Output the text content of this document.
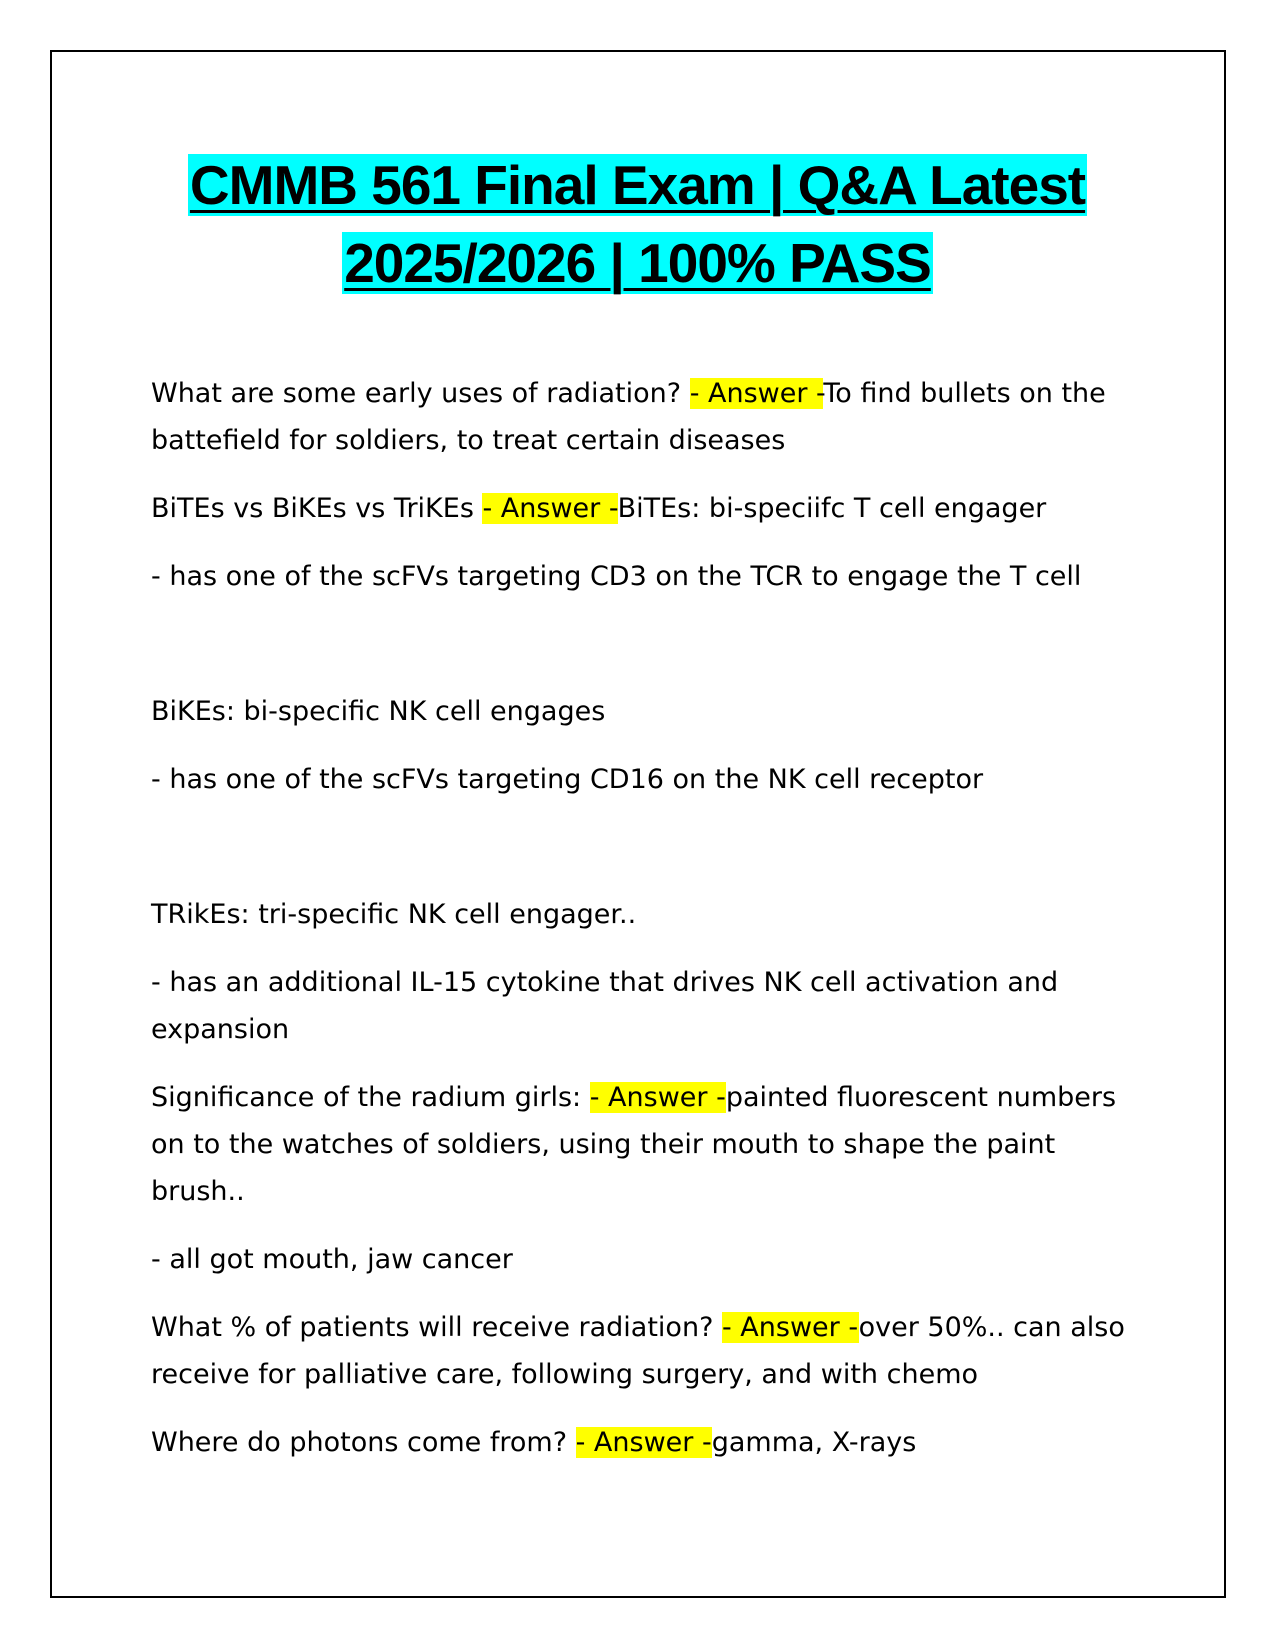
CMMB 561 Final Exam | Q&A Latest
2025/2026 | 100% PASS

What are some early uses of radiation? - Answer -To find bullets on the battefield for soldiers, to treat certain diseases

BiTEs vs BiKEs vs TriKEs - Answer -BiTEs: bi-speciifc T cell engager

- has one of the scFVs targeting CD3 on the TCR to engage the T cell

BiKEs: bi-specific NK cell engages

- has one of the scFVs targeting CD16 on the NK cell receptor

TRikEs: tri-specific NK cell engager..

- has an additional IL-15 cytokine that drives NK cell activation and expansion

Significance of the radium girls: - Answer -painted fluorescent numbers on to the watches of soldiers, using their mouth to shape the paint brush..

- all got mouth, jaw cancer

What % of patients will receive radiation? - Answer -over 50%.. can also receive for palliative care, following surgery, and with chemo

Where do photons come from? - Answer -gamma, X-rays
